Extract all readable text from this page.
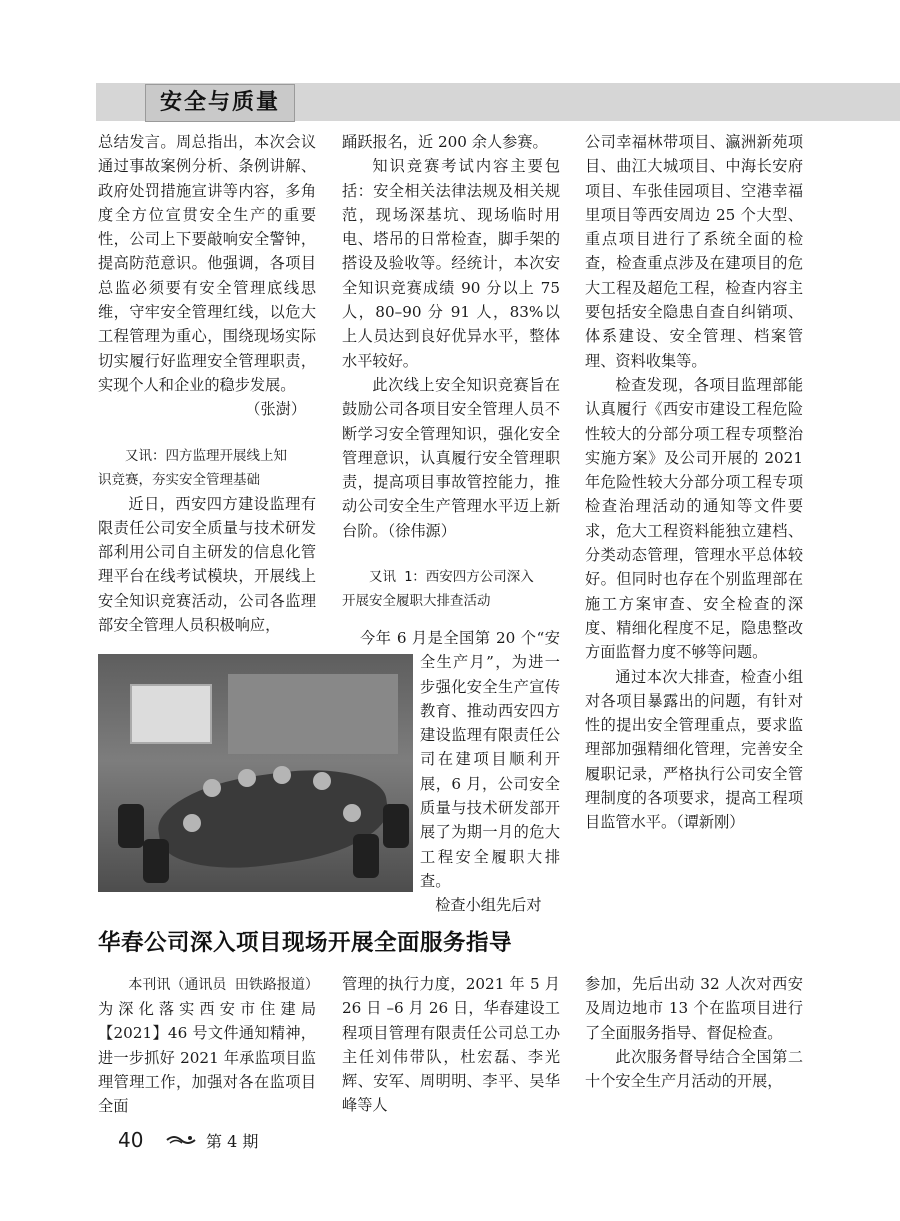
安全与质量

总结发言。周总指出，本次会议通过事故案例分析、条例讲解、政府处罚措施宣讲等内容，多角度全方位宣贯安全生产的重要性，公司上下要敲响安全警钟，提高防范意识。他强调，各项目总监必须要有安全管理底线思维，守牢安全管理红线，以危大工程管理为重心，围绕现场实际切实履行好监理安全管理职责，实现个人和企业的稳步发展。

（张澍）

又讯：四方监理开展线上知

识竞赛，夯实安全管理基础

近日，西安四方建设监理有限责任公司安全质量与技术研发部利用公司自主研发的信息化管理平台在线考试模块，开展线上安全知识竞赛活动，公司各监理部安全管理人员积极响应，

踊跃报名，近 200 余人参赛。

知识竞赛考试内容主要包括：安全相关法律法规及相关规范，现场深基坑、现场临时用电、塔吊的日常检查，脚手架的搭设及验收等。经统计，本次安全知识竞赛成绩 90 分以上 75 人，80–90 分 91 人，83%以上人员达到良好优异水平，整体水平较好。

此次线上安全知识竞赛旨在鼓励公司各项目安全管理人员不断学习安全管理知识，强化安全管理意识，认真履行安全管理职责，提高项目事故管控能力，推动公司安全生产管理水平迈上新台阶。（徐伟源）

又讯 1：西安四方公司深入

开展安全履职大排查活动

今年 6 月是全国第 20 个“安全生产月”，为进一步强化安全生产宣传教育、推动西安四方建设监理有限责任公司在建项目顺利开展，6 月，公司安全质量与技术研发部开展了为期一月的危大工程安全履职大排查。

检查小组先后对

公司幸福林带项目、瀛洲新苑项目、曲江大城项目、中海长安府项目、车张佳园项目、空港幸福里项目等西安周边 25 个大型、重点项目进行了系统全面的检查，检查重点涉及在建项目的危大工程及超危工程，检查内容主要包括安全隐患自查自纠销项、体系建设、安全管理、档案管理、资料收集等。

检查发现，各项目监理部能认真履行《西安市建设工程危险性较大的分部分项工程专项整治实施方案》及公司开展的 2021 年危险性较大分部分项工程专项检查治理活动的通知等文件要求，危大工程资料能独立建档、分类动态管理，管理水平总体较好。但同时也存在个别监理部在施工方案审查、安全检查的深度、精细化程度不足，隐患整改方面监督力度不够等问题。

通过本次大排查，检查小组对各项目暴露出的问题，有针对性的提出安全管理重点，要求监理部加强精细化管理，完善安全履职记录，严格执行公司安全管理制度的各项要求，提高工程项目监管水平。（谭新刚）

华春公司深入项目现场开展全面服务指导

本刊讯（通讯员 田铁路报道）为深化落实西安市住建局【2021】46 号文件通知精神，进一步抓好 2021 年承监项目监理管理工作，加强对各在监项目全面

管理的执行力度，2021 年 5 月 26 日 –6 月 26 日，华春建设工程项目管理有限责任公司总工办主任刘伟带队，杜宏磊、李光辉、安军、周明明、李平、吴华峰等人

参加，先后出动 32 人次对西安及周边地市 13 个在监项目进行了全面服务指导、督促检查。

此次服务督导结合全国第二十个安全生产月活动的开展，

40	第 4 期
